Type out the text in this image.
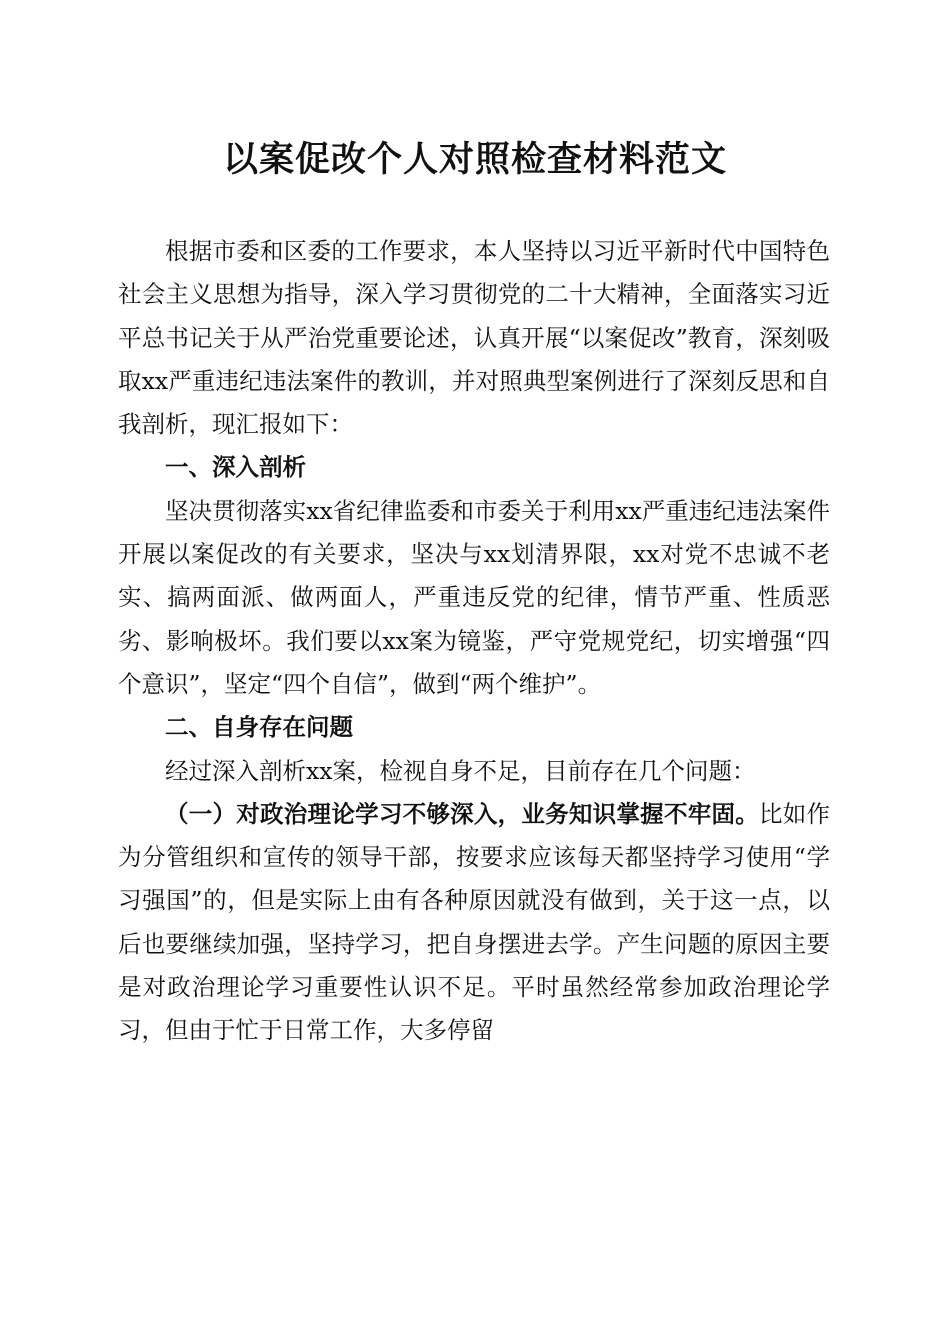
以案促改个人对照检查材料范文

根据市委和区委的工作要求，本人坚持以习近平新时代中国特色社会主义思想为指导，深入学习贯彻党的二十大精神，全面落实习近平总书记关于从严治党重要论述，认真开展“以案促改”教育，深刻吸取xx严重违纪违法案件的教训，并对照典型案例进行了深刻反思和自我剖析，现汇报如下：

一、深入剖析

坚决贯彻落实xx省纪律监委和市委关于利用xx严重违纪违法案件开展以案促改的有关要求，坚决与xx划清界限，xx对党不忠诚不老实、搞两面派、做两面人，严重违反党的纪律，情节严重、性质恶劣、影响极坏。我们要以xx案为镜鉴，严守党规党纪，切实增强“四个意识”，坚定“四个自信”，做到“两个维护”。

二、自身存在问题

经过深入剖析xx案，检视自身不足，目前存在几个问题：

（一）对政治理论学习不够深入，业务知识掌握不牢固。比如作为分管组织和宣传的领导干部，按要求应该每天都坚持学习使用“学习强国”的，但是实际上由有各种原因就没有做到，关于这一点，以后也要继续加强，坚持学习，把自身摆进去学。产生问题的原因主要是对政治理论学习重要性认识不足。平时虽然经常参加政治理论学习，但由于忙于日常工作，大多停留
